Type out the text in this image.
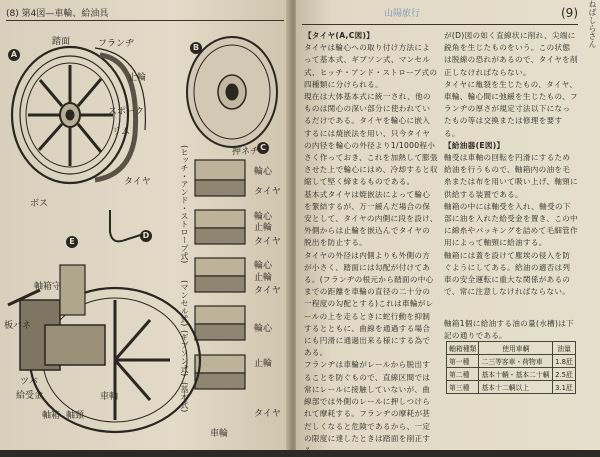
(8) 第4図—車輪、給油具
A
B
C
D
E
踏面	フランヂ
止輪
スポーク
リム
タイヤ
ボス
押ネヂ
輪心
タイヤ
輪心
止輪
タイヤ
輪心
止輪
タイヤ
輪心
止輪
タイヤ
(ヒッチ・アンド・ストローブ式)
(マンセル式)
(ギブソン式)
(基本式)
軸箱守
板バネ
ツバ
給受金
軸箱 軸頸
車軸
車輪
山陽旅行	(9)

【タイヤ(A,C図)】

タイヤは輪心への取り付け方法によって基本式、ギブソン式、マンセル式、ヒッチ・アンド・ストローブ式の四種類に分けられる。

現在は大体基本式に統一され、他のものは関心の深い部分に使われているだけである。タイヤを輪心に嵌入するには焼嵌法を用い、只今タイヤの内径を輪心の外径より1/1000程小さく作っておき、これを加熱して膨張させた上で輪心にはめ、冷却すると収縮して堅く締まるものである。

基本式タイヤは焼嵌法によって輪心を緊結するが、万一緩んだ場合の保安として、タイヤの内側に段を設け、外側からは止輪を嵌込んでタイヤの脱出を防止する。

タイヤの外径は内側よりも外側の方が小さく、踏面には勾配が付けてある。(フランヂの根元から踏面の中心までの距離を車輪の直径の二十分の一程度の勾配とする)これは車輪がレールの上を走るときに蛇行動を抑制するとともに、曲線を通過する場合にも円滑に通過出来る様にする為である。

フランヂは車輪がレールから脱出することを防ぐもので、直線区間では常にレールに接触していないが、曲線部では外側のレールに押しつけられて摩耗する。フランヂの摩耗が甚だしくなると危険であるから、一定の限度に達したときは踏面を削正する。

が(D)図の如く直線状に削れ、尖端に鋭角を生じたものをいう。この状態は脱線の恐れがあるので、タイヤを削正しなければならない。

タイヤに亀裂を生じたもの、タイヤ、車輪、輪心間に弛緩を生じたもの、フランヂの厚さが規定寸法以下になったもの等は交換または修理を要する。

【給油器(E図)】

軸受は車軸の回転を円滑にするため給油を行うもので、軸箱内の油を毛糸または布を用いて吸い上げ、軸頸に供給する装置である。

軸箱の中には軸受を入れ、軸受の下部に油を入れた給受金を置き、この中に綿糸やパッキングを詰めて毛細管作用によって軸頸に給油する。

軸箱には蓋を設けて塵埃の侵入を防ぐようにしてある。給油の適否は列車の安全運転に重大な関係があるので、常に注意しなければならない。

軸箱1個に給油する油の量(水槽)は下記の通りである。
軸箱種類	使用車輌	油量
第一種	二三等客車・荷物車	1.8瓩
第二種	基本十輌・基本二十輌	2.5瓩
第三種	基本十二輌以上	3.1瓩
ねばしらさん
